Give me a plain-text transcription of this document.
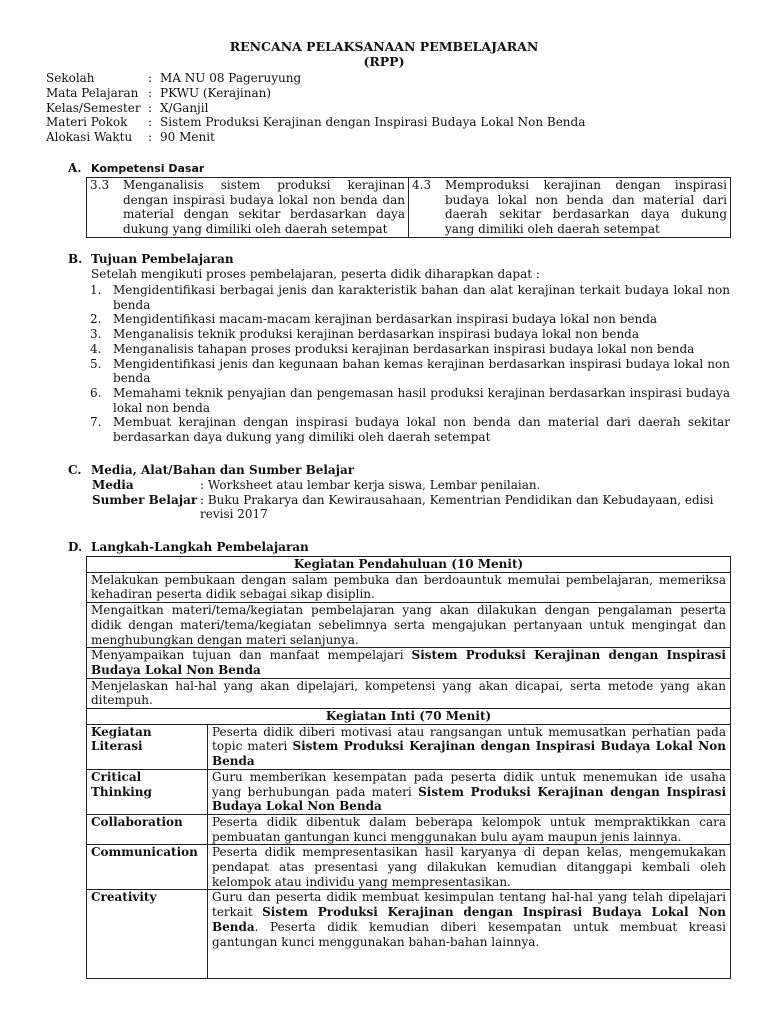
RENCANA PELAKSANAAN PEMBELAJARAN
(RPP)
Sekolah	: MA NU 08 Pageruyung
Mata Pelajaran : PKWU (Kerajinan)
Kelas/Semester : X/Ganjil
Materi Pokok : Sistem Produksi Kerajinan dengan Inspirasi Budaya Lokal Non Benda
Alokasi Waktu : 90 Menit
A. Kompetensi Dasar
3.3	Menganalisis sistem produksi kerajinan dengan inspirasi budaya lokal non benda dan material dengan sekitar berdasarkan daya dukung yang dimiliki oleh daerah setempat

4.3	Memproduksi kerajinan dengan inspirasi budaya lokal non benda dan material dari daerah sekitar berdasarkan daya dukung yang dimiliki oleh daerah setempat
B. Tujuan Pembelajaran
Setelah mengikuti proses pembelajaran, peserta didik diharapkan dapat :
1. Mengidentifikasi berbagai jenis dan karakteristik bahan dan alat kerajinan terkait budaya lokal non benda
2. Mengidentifikasi macam-macam kerajinan berdasarkan inspirasi budaya lokal non benda
3. Menganalisis teknik produksi kerajinan berdasarkan inspirasi budaya lokal non benda
4. Menganalisis tahapan proses produksi kerajinan berdasarkan inspirasi budaya lokal non benda
5. Mengidentifikasi jenis dan kegunaan bahan kemas kerajinan berdasarkan inspirasi budaya lokal non benda
6. Memahami teknik penyajian dan pengemasan hasil produksi kerajinan berdasarkan inspirasi budaya lokal non benda
7. Membuat kerajinan dengan inspirasi budaya lokal non benda dan material dari daerah sekitar berdasarkan daya dukung yang dimiliki oleh daerah setempat
C. Media, Alat/Bahan dan Sumber Belajar
Media	: Worksheet atau lembar kerja siswa, Lembar penilaian.
Sumber Belajar : Buku Prakarya dan Kewirausahaan, Kementrian Pendidikan dan Kebudayaan, edisi revisi 2017
D. Langkah-Langkah Pembelajaran
Kegiatan Pendahuluan (10 Menit)	
Melakukan pembukaan dengan salam pembuka dan berdoauntuk memulai pembelajaran, memeriksa kehadiran peserta didik sebagai sikap disiplin.	
Mengaitkan materi/tema/kegiatan pembelajaran yang akan dilakukan dengan pengalaman peserta didik dengan materi/tema/kegiatan sebelimnya serta mengajukan pertanyaan untuk mengingat dan menghubungkan dengan materi selanjunya.	
Menyampaikan tujuan dan manfaat mempelajari Sistem Produksi Kerajinan dengan Inspirasi Budaya Lokal Non Benda	
Menjelaskan hal-hal yang akan dipelajari, kompetensi yang akan dicapai, serta metode yang akan ditempuh.	
Kegiatan Inti (70 Menit)	
Kegiatan Literasi	Peserta didik diberi motivasi atau rangsangan untuk memusatkan perhatian pada topic materi Sistem Produksi Kerajinan dengan Inspirasi Budaya Lokal Non Benda
Critical Thinking	Guru memberikan kesempatan pada peserta didik untuk menemukan ide usaha yang berhubungan pada materi Sistem Produksi Kerajinan dengan Inspirasi Budaya Lokal Non Benda
Collaboration	Peserta didik dibentuk dalam beberapa kelompok untuk mempraktikkan cara pembuatan gantungan kunci menggunakan bulu ayam maupun jenis lainnya.
Communication	Peserta didik mempresentasikan hasil karyanya di depan kelas, mengemukakan pendapat atas presentasi yang dilakukan kemudian ditanggapi kembali oleh kelompok atau individu yang mempresentasikan.
Creativity	Guru dan peserta didik membuat kesimpulan tentang hal-hal yang telah dipelajari terkait Sistem Produksi Kerajinan dengan Inspirasi Budaya Lokal Non Benda. Peserta didik kemudian diberi kesempatan untuk membuat kreasi gantungan kunci menggunakan bahan-bahan lainnya.
